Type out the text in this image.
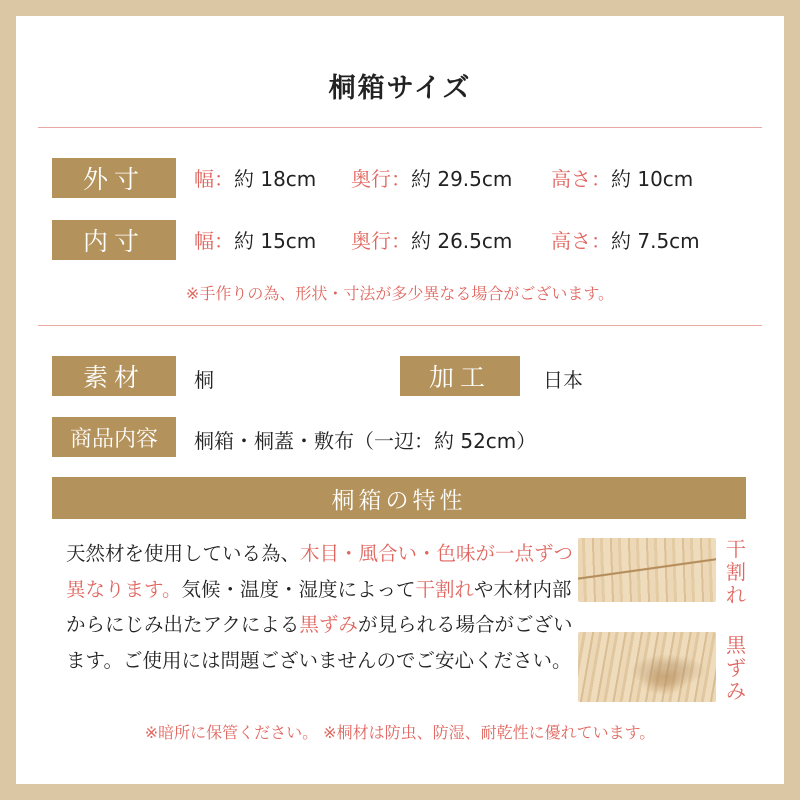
桐箱サイズ
外寸	幅：約 18cm	奥行：約 29.5cm	高さ：約 10cm
内寸	幅：約 15cm	奥行：約 26.5cm	高さ：約 7.5cm
※手作りの為、形状・寸法が多少異なる場合がございます。
素材	桐	加工	日本
商品内容	桐箱・桐蓋・敷布（一辺：約 52cm）
桐箱の特性
天然材を使用している為、木目・風合い・色味が一点ずつ異なります。気候・温度・湿度によって干割れや木材内部からにじみ出たアクによる黒ずみが見られる場合がございます。ご使用には問題ございませんのでご安心ください。
干割れ
黒ずみ
※暗所に保管ください。 ※桐材は防虫、防湿、耐乾性に優れています。
